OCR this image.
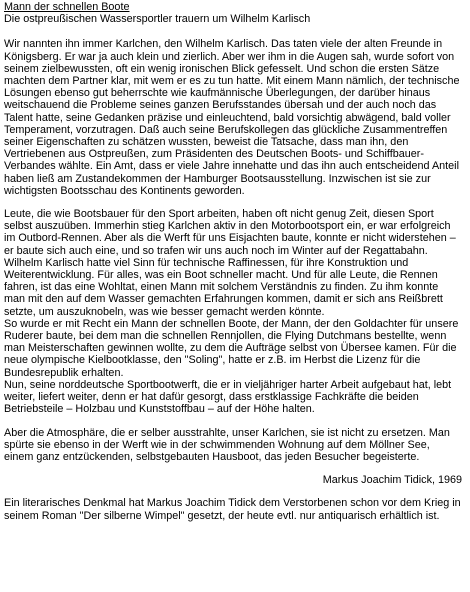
Mann der schnellen Boote

Die ostpreußischen Wassersportler trauern um Wilhelm Karlisch

Wir nannten ihn immer Karlchen, den Wilhelm Karlisch. Das taten viele der alten Freunde in Königsberg. Er war ja auch klein und zierlich. Aber wer ihm in die Augen sah, wurde sofort von seinem zielbewussten, oft ein wenig ironischen Blick gefesselt. Und schon die ersten Sätze machten dem Partner klar, mit wem er es zu tun hatte. Mit einem Mann nämlich, der technische Lösungen ebenso gut beherrschte wie kaufmännische Überlegungen, der darüber hinaus weitschauend die Probleme seines ganzen Berufsstandes übersah und der auch noch das Talent hatte, seine Gedanken präzise und einleuchtend, bald vorsichtig abwägend, bald voller Temperament, vorzutragen. Daß auch seine Berufskollegen das glückliche Zusammentreffen seiner Eigenschaften zu schätzen wussten, beweist die Tatsache, dass man ihn, den Vertriebenen aus Ostpreußen, zum Präsidenten des Deutschen Boots- und Schiffbauer-Verbandes wählte. Ein Amt, dass er viele Jahre innehatte und das ihn auch entscheidend Anteil haben ließ am Zustandekommen der Hamburger Bootsausstellung. Inzwischen ist sie zur wichtigsten Bootsschau des Kontinents geworden.

Leute, die wie Bootsbauer für den Sport arbeiten, haben oft nicht genug Zeit, diesen Sport selbst auszuüben. Immerhin stieg Karlchen aktiv in den Motorbootsport ein, er war erfolgreich im Outbord-Rennen. Aber als die Werft für uns Eisjachten baute, konnte er nicht widerstehen – er baute sich auch eine, und so trafen wir uns auch noch im Winter auf der Regattabahn.

Wilhelm Karlisch hatte viel Sinn für technische Raffinessen, für ihre Konstruktion und Weiterentwicklung. Für alles, was ein Boot schneller macht. Und für alle Leute, die Rennen fahren, ist das eine Wohltat, einen Mann mit solchem Verständnis zu finden. Zu ihm konnte man mit den auf dem Wasser gemachten Erfahrungen kommen, damit er sich ans Reißbrett setzte, um auszuknobeln, was wie besser gemacht werden könnte.

So wurde er mit Recht ein Mann der schnellen Boote, der Mann, der den Goldachter für unsere Ruderer baute, bei dem man die schnellen Rennjollen, die Flying Dutchmans bestellte, wenn man Meisterschaften gewinnen wollte, zu dem die Aufträge selbst von Übersee kamen. Für die neue olympische Kielbootklasse, den "Soling", hatte er z.B. im Herbst die Lizenz für die Bundesrepublik erhalten.

Nun, seine norddeutsche Sportbootwerft, die er in vieljähriger harter Arbeit aufgebaut hat, lebt weiter, liefert weiter, denn er hat dafür gesorgt, dass erstklassige Fachkräfte die beiden Betriebsteile – Holzbau und Kunststoffbau – auf der Höhe halten.

Aber die Atmosphäre, die er selber ausstrahlte, unser Karlchen, sie ist nicht zu ersetzen. Man spürte sie ebenso in der Werft wie in der schwimmenden Wohnung auf dem Möllner See, einem ganz entzückenden, selbstgebauten Hausboot, das jeden Besucher begeisterte.

Markus Joachim Tidick, 1969

Ein literarisches Denkmal hat Markus Joachim Tidick dem Verstorbenen schon vor dem Krieg in seinem Roman "Der silberne Wimpel" gesetzt, der heute evtl. nur antiquarisch erhältlich ist.
